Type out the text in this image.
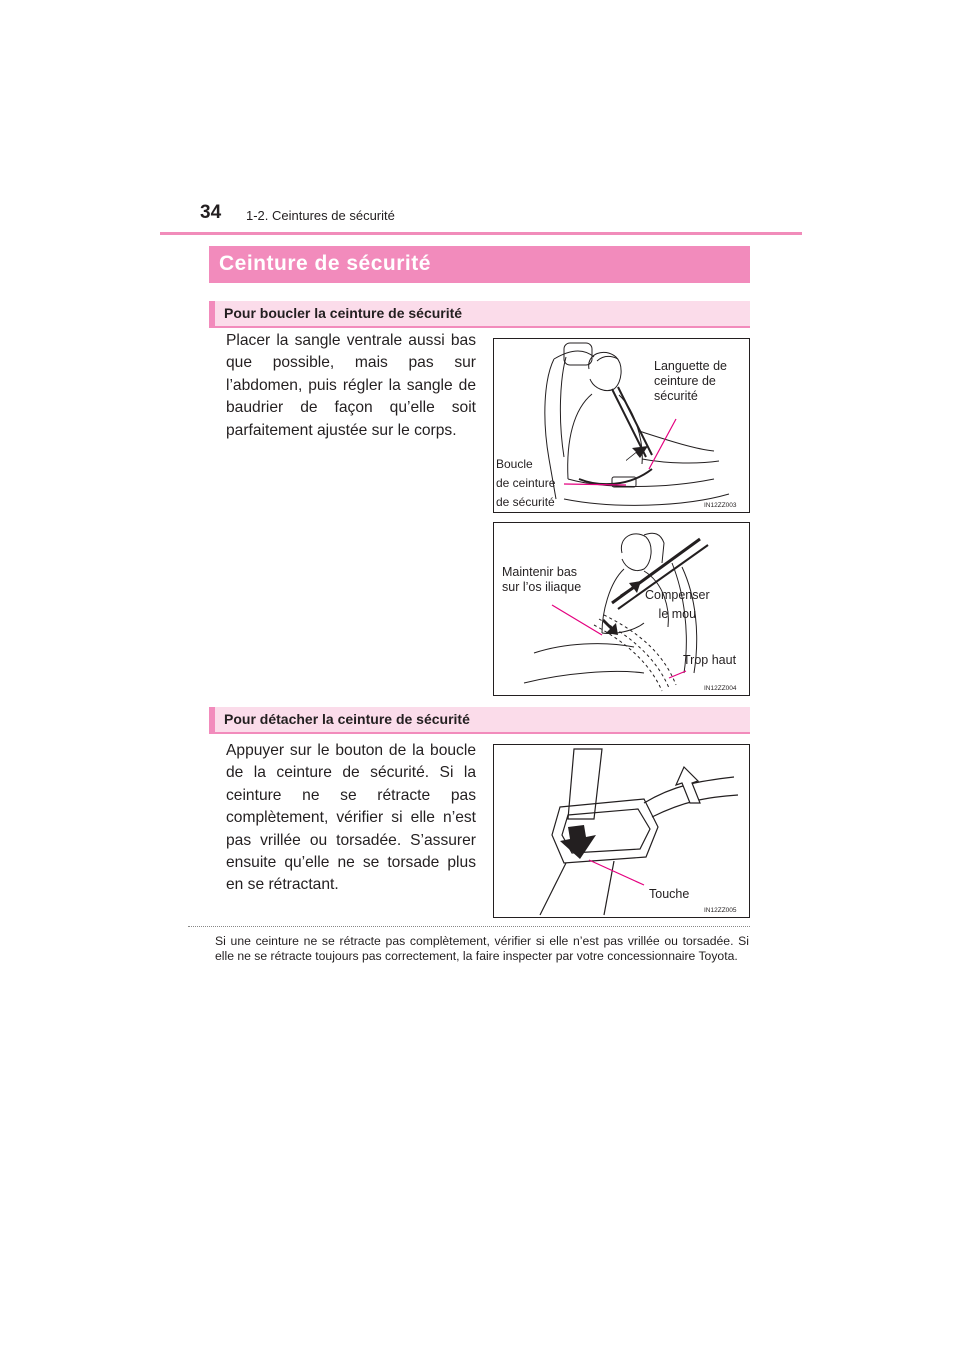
34 1-2. Ceintures de sécurité
Ceinture de sécurité
Pour boucler la ceinture de sécurité
Placer la sangle ventrale aussi bas que possible, mais pas sur l’abdomen, puis régler la sangle de baudrier de façon qu’elle soit parfaitement ajustée sur le corps.
Languette de
ceinture de
sécurité
Boucle
de ceinture
de sécurité	IN12ZZ003
Maintenir bas
sur l’os iliaque
Compenser
le mou
Trop haut
IN12ZZ004
Pour détacher la ceinture de sécurité
Appuyer sur le bouton de la boucle de la ceinture de sécurité. Si la ceinture ne se rétracte pas complètement, vérifier si elle n’est pas vrillée ou torsadée. S’assurer ensuite qu’elle ne se torsade plus en se rétractant.
Touche
IN12ZZ005
Si une ceinture ne se rétracte pas complètement, vérifier si elle n’est pas vrillée ou torsadée. Si elle ne se rétracte toujours pas correctement, la faire inspecter par votre concessionnaire Toyota.
